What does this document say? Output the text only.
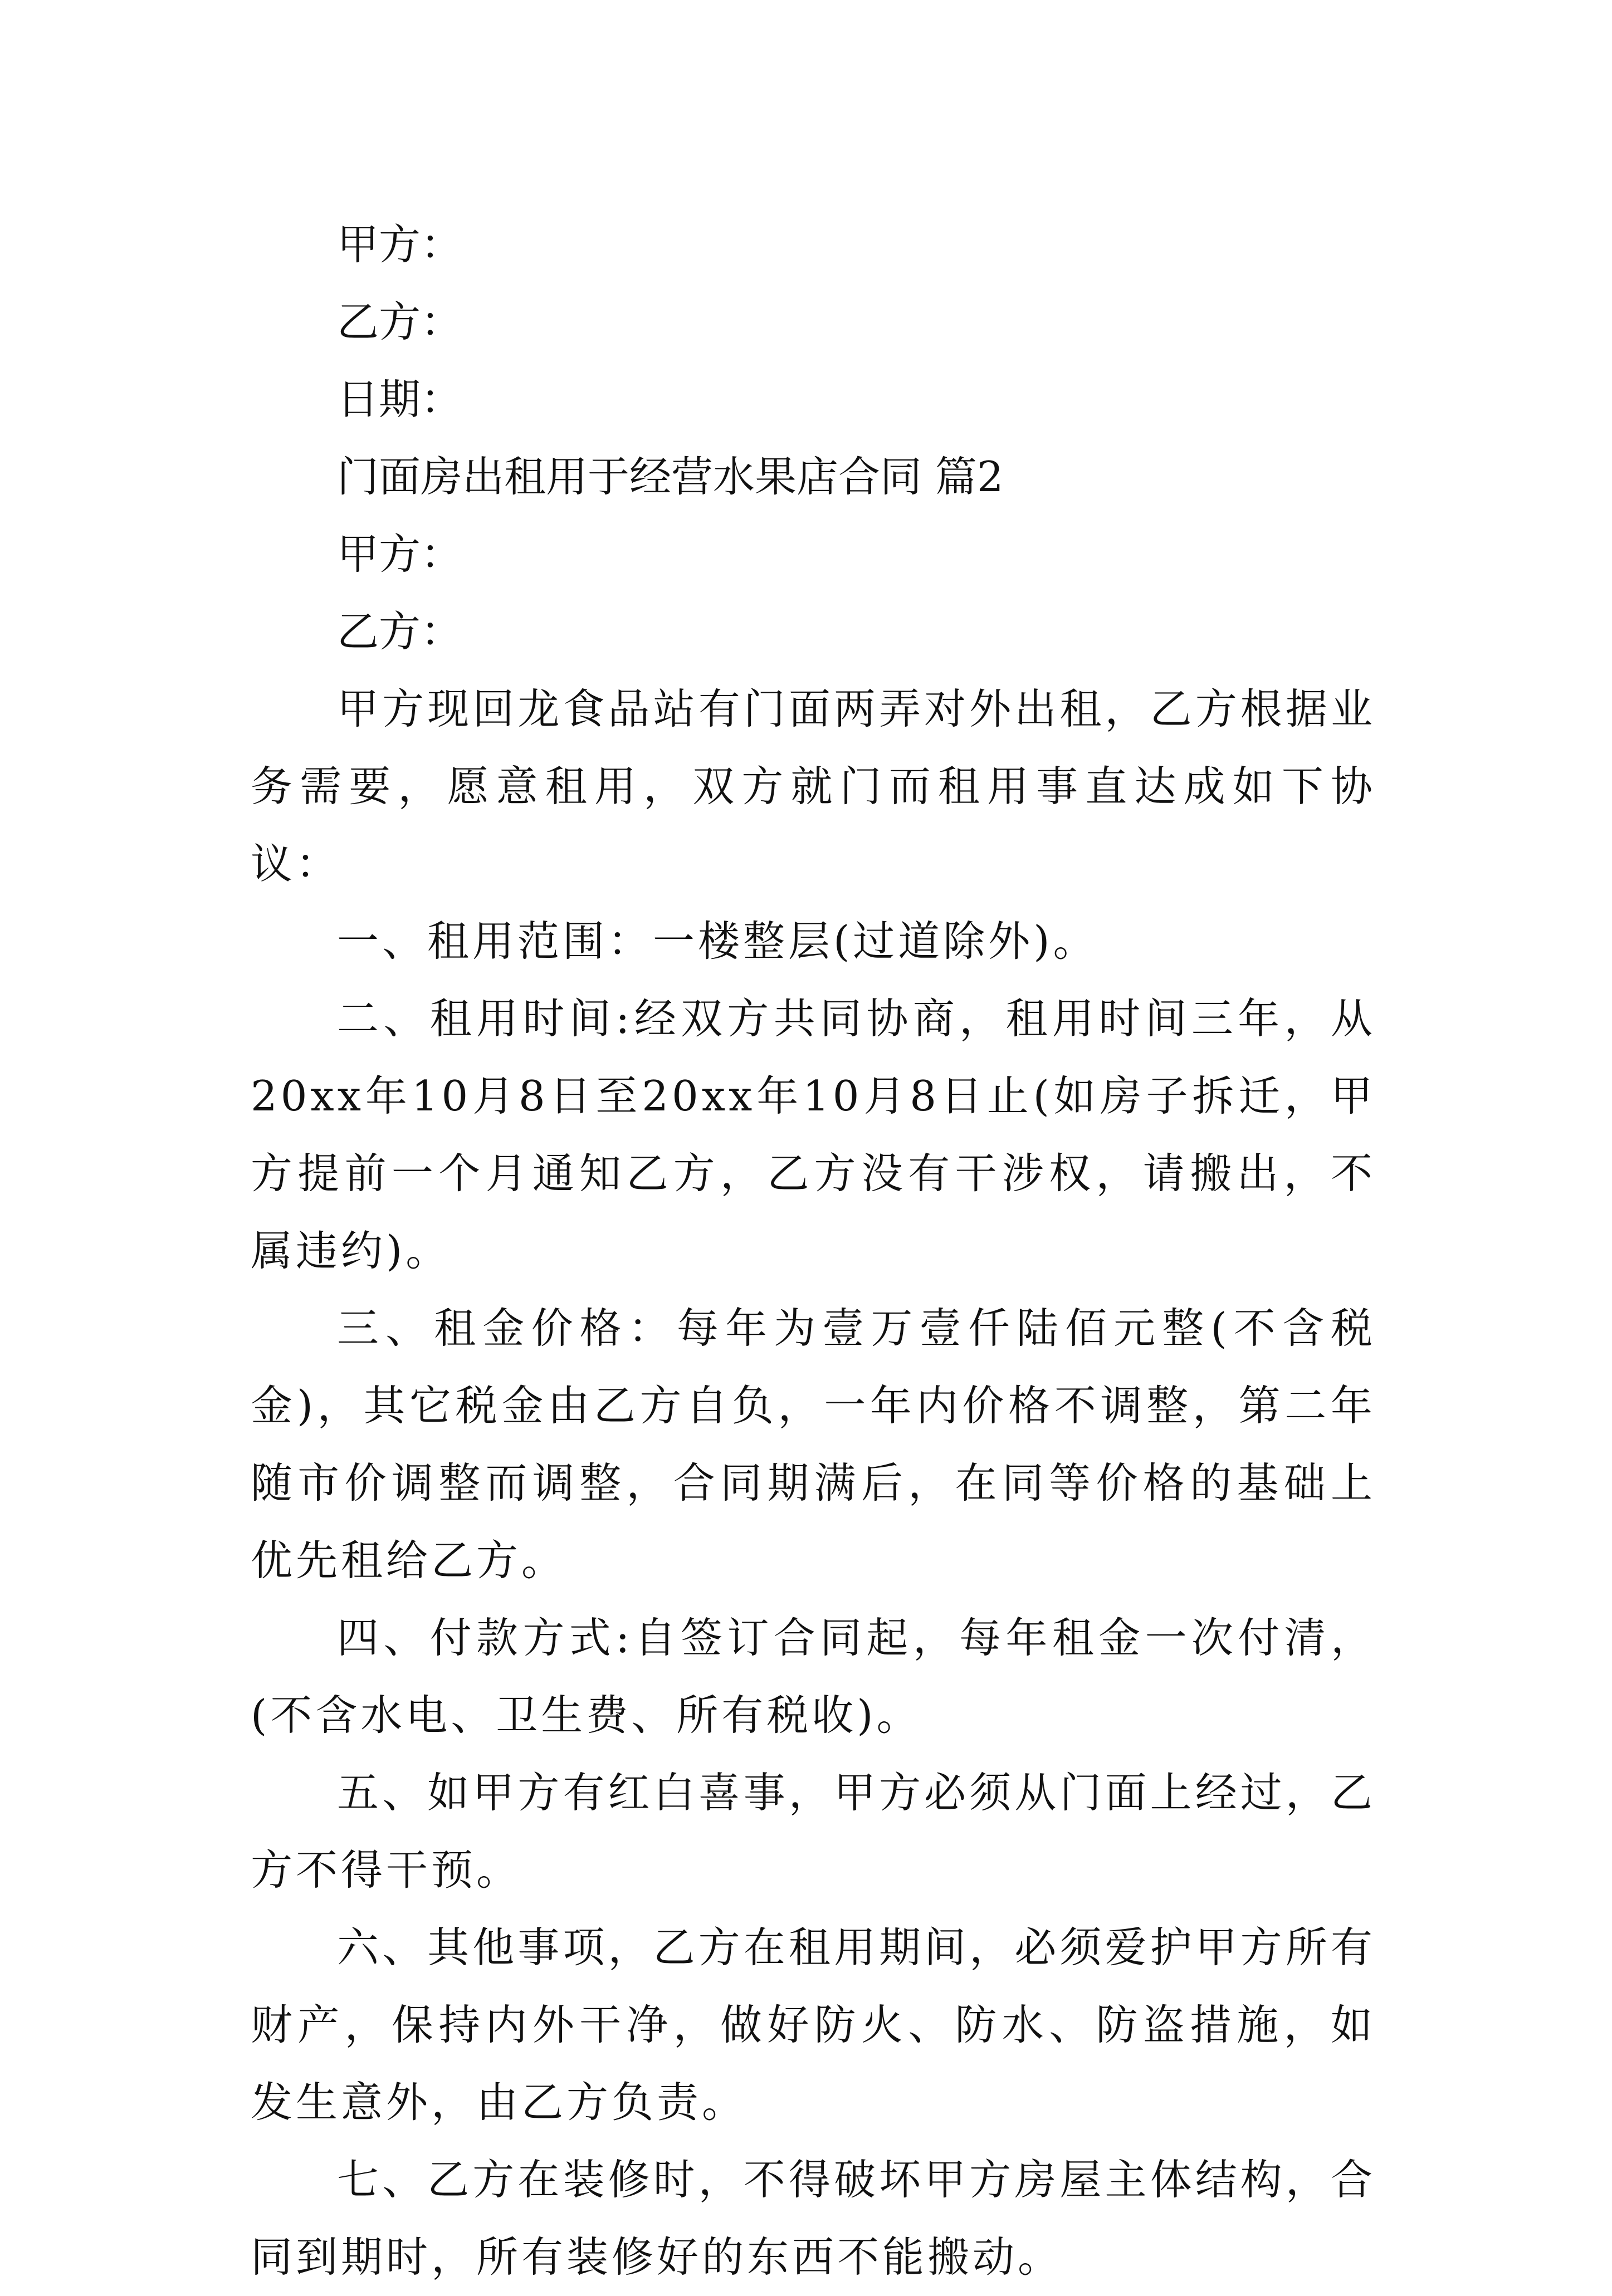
甲方：

乙方：

日期：

门面房出租用于经营水果店合同 篇2

甲方：

乙方：

甲方现回龙食品站有门面两弄对外出租，乙方根据业务需要，愿意租用，双方就门而租用事直达成如下协议：

一、租用范围：一楼整层(过道除外)。

二、租用时间:经双方共同协商，租用时间三年，从20xx年10月8日至20xx年10月8日止(如房子拆迁，甲方提前一个月通知乙方，乙方没有干涉权，请搬出，不属违约)。

三、租金价格：每年为壹万壹仟陆佰元整(不含税金)，其它税金由乙方自负，一年内价格不调整，第二年随市价调整而调整，合同期满后，在同等价格的基础上优先租给乙方。

四、付款方式:自签订合同起，每年租金一次付清，(不含水电、卫生费、所有税收)。

五、如甲方有红白喜事，甲方必须从门面上经过，乙方不得干预。

六、其他事项，乙方在租用期间，必须爱护甲方所有财产，保持内外干净，做好防火、防水、防盗措施，如发生意外，由乙方负责。

七、乙方在装修时，不得破坏甲方房屋主体结构，合同到期时，所有装修好的东西不能搬动。
